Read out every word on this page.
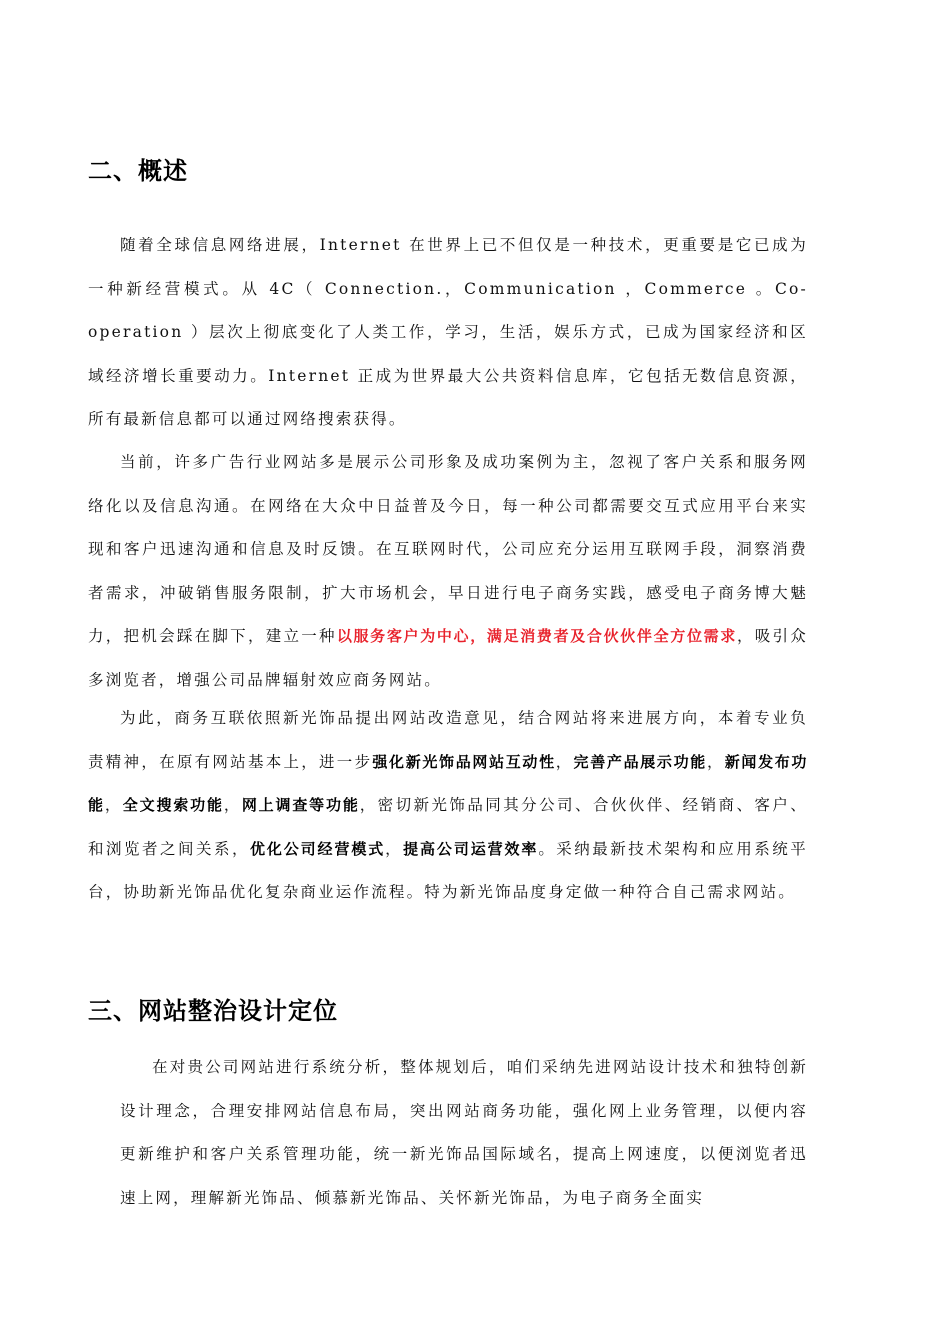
二、概述

随着全球信息网络进展，Internet 在世界上已不但仅是一种技术，更重要是它已成为一种新经营模式。从 4C（ Connection.，Communication ，Commerce 。Co-operation ）层次上彻底变化了人类工作，学习，生活，娱乐方式，已成为国家经济和区域经济增长重要动力。Internet 正成为世界最大公共资料信息库，它包括无数信息资源，所有最新信息都可以通过网络搜索获得。

当前，许多广告行业网站多是展示公司形象及成功案例为主，忽视了客户关系和服务网络化以及信息沟通。在网络在大众中日益普及今日，每一种公司都需要交互式应用平台来实现和客户迅速沟通和信息及时反馈。在互联网时代，公司应充分运用互联网手段，洞察消费者需求，冲破销售服务限制，扩大市场机会，早日进行电子商务实践，感受电子商务博大魅力，把机会踩在脚下，建立一种以服务客户为中心，满足消费者及合伙伙伴全方位需求，吸引众多浏览者，增强公司品牌辐射效应商务网站。

为此，商务互联依照新光饰品提出网站改造意见，结合网站将来进展方向，本着专业负责精神，在原有网站基本上，进一步强化新光饰品网站互动性，完善产品展示功能，新闻发布功能，全文搜索功能，网上调查等功能，密切新光饰品同其分公司、合伙伙伴、经销商、客户、和浏览者之间关系，优化公司经营模式，提高公司运营效率。采纳最新技术架构和应用系统平台，协助新光饰品优化复杂商业运作流程。特为新光饰品度身定做一种符合自己需求网站。

三、网站整治设计定位

在对贵公司网站进行系统分析，整体规划后，咱们采纳先进网站设计技术和独特创新设计理念，合理安排网站信息布局，突出网站商务功能，强化网上业务管理，以便内容更新维护和客户关系管理功能，统一新光饰品国际域名，提高上网速度，以便浏览者迅速上网，理解新光饰品、倾慕新光饰品、关怀新光饰品，为电子商务全面实
